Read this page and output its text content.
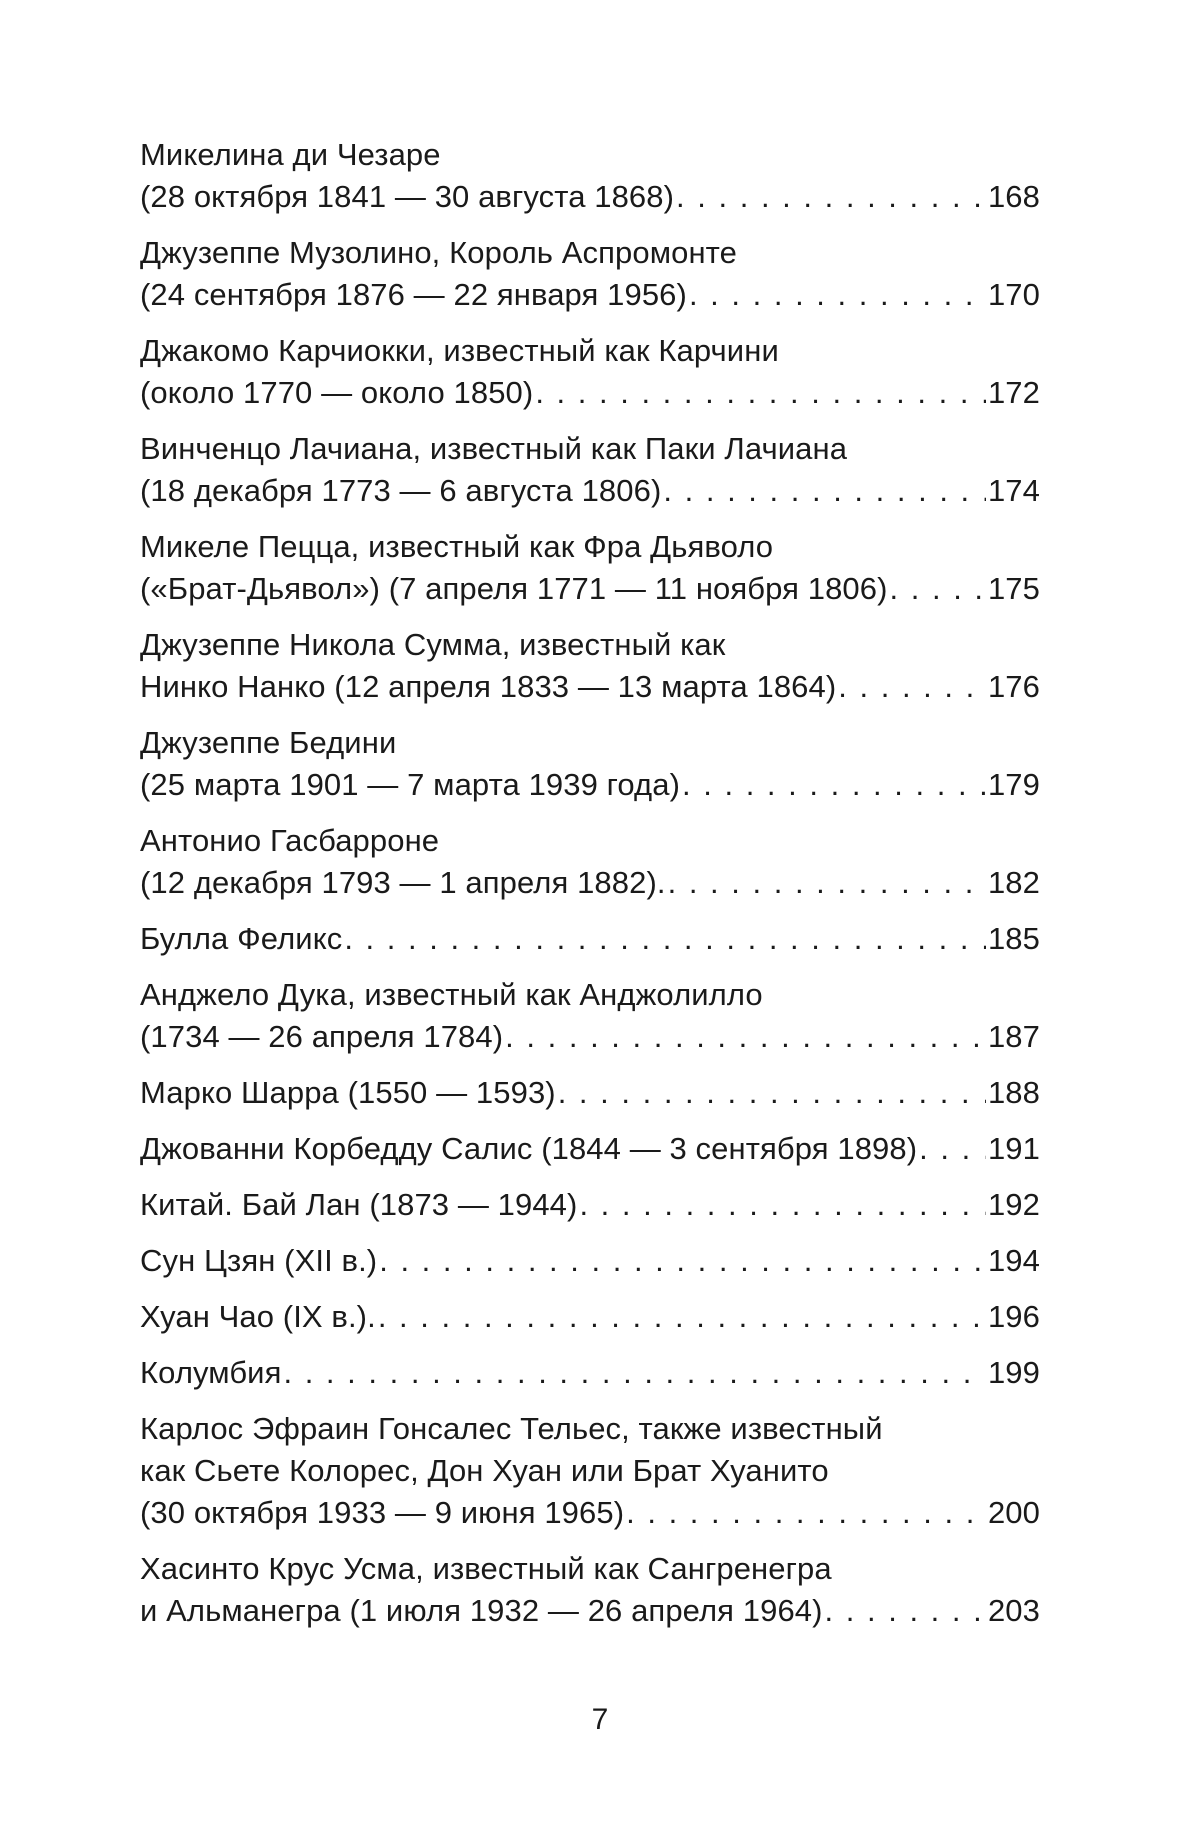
Микелина ди Чезаре
(28 октября 1841 — 30 августа 1868) . . .	168
Джузеппе Музолино, Король Аспромонте
(24 сентября 1876 — 22 января 1956) . . .	170
Джакомо Карчиокки, известный как Карчини
(около 1770 — около 1850) . . .	172
Винченцо Лачиана, известный как Паки Лачиана
(18 декабря 1773 — 6 августа 1806) . . .	174
Микеле Пецца, известный как Фра Дьяволо
(«Брат-Дьявол») (7 апреля 1771 — 11 ноября 1806) . . .	175
Джузеппе Никола Сумма, известный как
Нинко Нанко (12 апреля 1833 — 13 марта 1864) . . .	176
Джузеппе Бедини
(25 марта 1901 — 7 марта 1939 года) . . .	179
Антонио Гасбарроне
(12 декабря 1793 — 1 апреля 1882). . . .	182
Булла Феликс . . .	185
Анджело Дука, известный как Анджолилло
(1734 — 26 апреля 1784) . . .	187
Марко Шарра (1550 — 1593) . . .	188
Джованни Корбедду Салис (1844 — 3 сентября 1898) . . . 191
Китай. Бай Лан (1873 — 1944) . . .	192
Сун Цзян (XII в.) . . .	194
Хуан Чао (IX в.). . . .	196
Колумбия . . .	199
Карлос Эфраин Гонсалес Тельес, также известный
как Сьете Колорес, Дон Хуан или Брат Хуанито
(30 октября 1933 — 9 июня 1965) . . .	200
Хасинто Крус Усма, известный как Сангренегра
и Альманегра (1 июля 1932 — 26 апреля 1964) . . .	203
7
